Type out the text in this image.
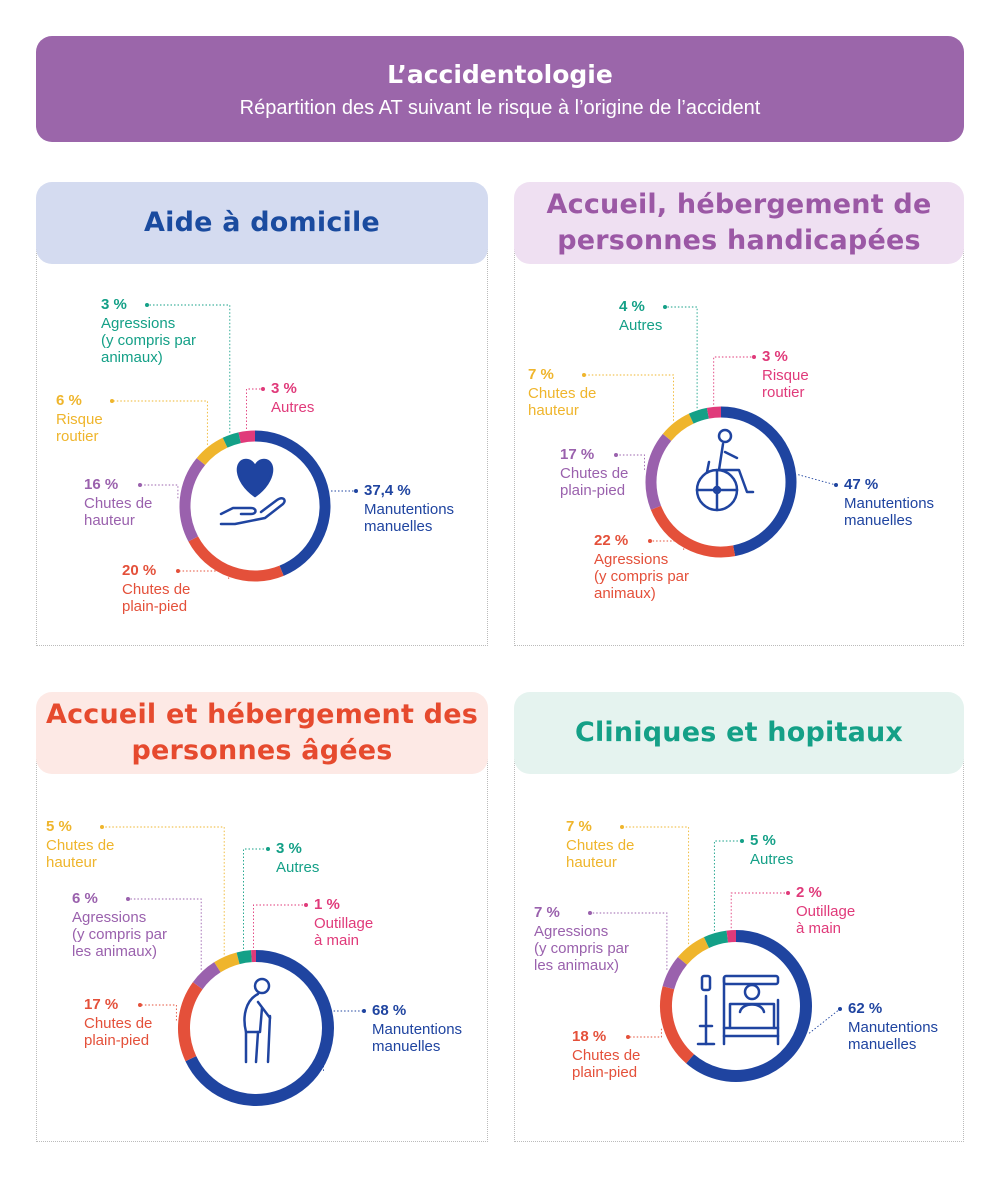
L’accidentologie
Répartition des AT suivant le risque à l’origine de l’accident
Aide à domicile
37,4 %
Manutentions
manuelles
20 %
Chutes de
plain-pied
16 %
Chutes de
hauteur
6 %
Risque
routier
3 %
Agressions
(y compris par
animaux)
3 %
Autres
Accueil, hébergement de personnes handicapées
47 %
Manutentions
manuelles
22 %
Agressions
(y compris par
animaux)
17 %
Chutes de
plain-pied
7 %
Chutes de
hauteur
4 %
Autres
3 %
Risque
routier
Accueil et hébergement des personnes âgées
68 %
Manutentions
manuelles
17 %
Chutes de
plain-pied
6 %
Agressions
(y compris par
les animaux)
5 %
Chutes de
hauteur
3 %
Autres
1 %
Outillage
à main
Cliniques et hopitaux
62 %
Manutentions
manuelles
18 %
Chutes de
plain-pied
7 %
Agressions
(y compris par
les animaux)
7 %
Chutes de
hauteur
5 %
Autres
2 %
Outillage
à main
